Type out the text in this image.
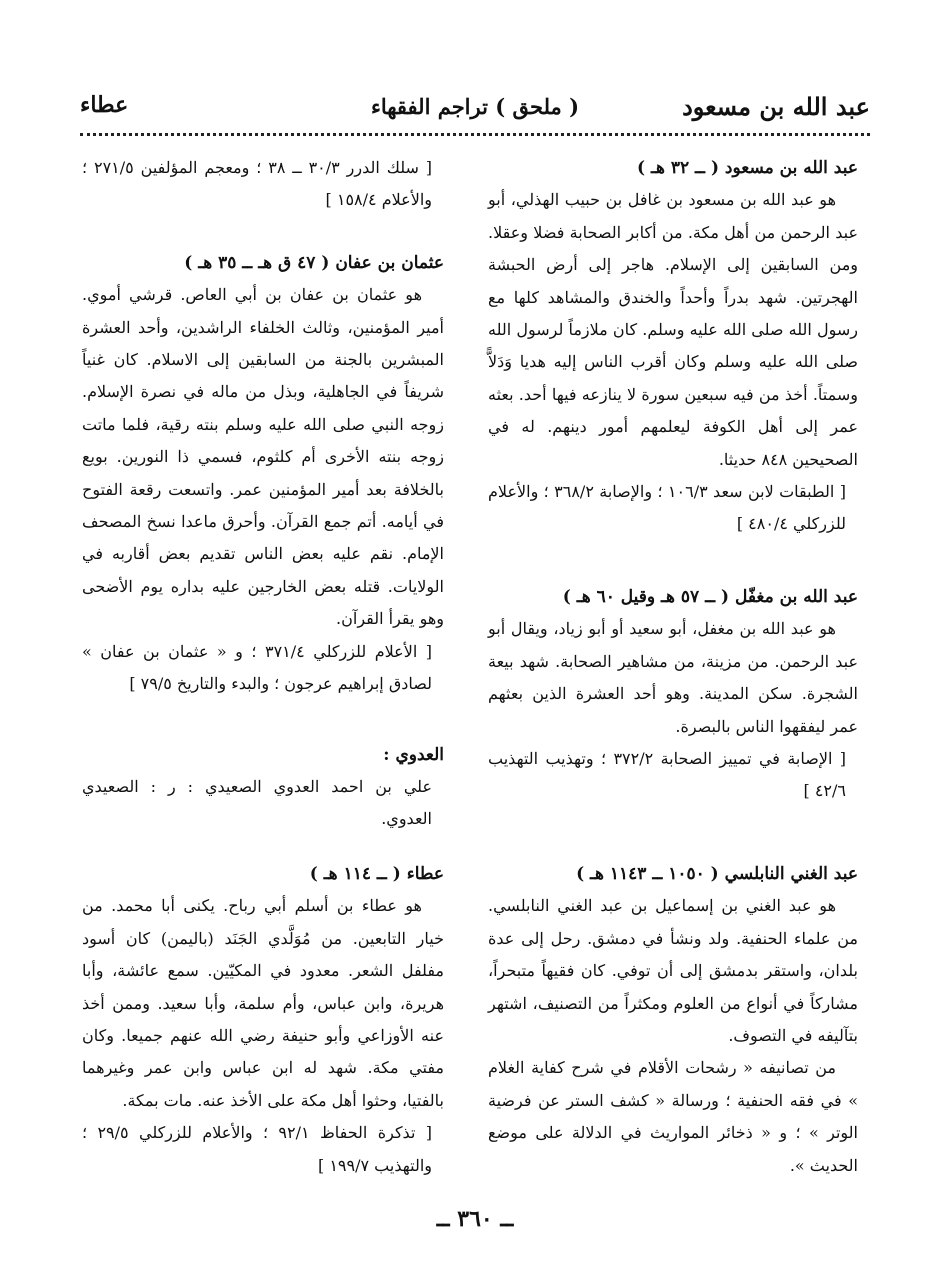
عبد الله بن مسعود
( ملحق ) تراجم الفقهاء
عطاء

عبد الله بن مسعود ( ــ ٣٢ هـ )

هو عبد الله بن مسعود بن غافل بن حبيب الهذلي، أبو عبد الرحمن من أهل مكة. من أكابر الصحابة فضلا وعقلا. ومن السابقين إلى الإسلام. هاجر إلى أرض الحبشة الهجرتين. شهد بدراً وأحداً والخندق والمشاهد كلها مع رسول الله صلى الله عليه وسلم. كان ملازماً لرسول الله صلى الله عليه وسلم وكان أقرب الناس إليه هديا وَدَلاًّ وسمتاً. أخذ من فيه سبعين سورة لا ينازعه فيها أحد. بعثه عمر إلى أهل الكوفة ليعلمهم أمور دينهم. له في الصحيحين ٨٤٨ حديثا.

[ الطبقات لابن سعد ١٠٦/٣ ؛ والإصابة ٣٦٨/٢ ؛ والأعلام للزركلي ٤٨٠/٤ ]

عبد الله بن مغفّل ( ــ ٥٧ هـ وقيل ٦٠ هـ )

هو عبد الله بن مغفل، أبو سعيد أو أبو زياد، ويقال أبو عبد الرحمن. من مزينة، من مشاهير الصحابة. شهد بيعة الشجرة. سكن المدينة. وهو أحد العشرة الذين بعثهم عمر ليفقهوا الناس بالبصرة.

[ الإصابة في تمييز الصحابة ٣٧٢/٢ ؛ وتهذيب التهذيب ٤٢/٦ ]

عبد الغني النابلسي ( ١٠٥٠ ــ ١١٤٣ هـ )

هو عبد الغني بن إسماعيل بن عبد الغني النابلسي. من علماء الحنفية. ولد ونشأ في دمشق. رحل إلى عدة بلدان، واستقر بدمشق إلى أن توفي. كان فقيهاً متبحراً، مشاركاً في أنواع من العلوم ومكثراً من التصنيف، اشتهر بتآليفه في التصوف.

من تصانيفه « رشحات الأقلام في شرح كفاية الغلام » في فقه الحنفية ؛ ورسالة « كشف الستر عن فرضية الوتر » ؛ و « ذخائر المواريث في الدلالة على موضع الحديث ».

[ سلك الدرر ٣٠/٣ ــ ٣٨ ؛ ومعجم المؤلفين ٢٧١/٥ ؛ والأعلام ١٥٨/٤ ]

عثمان بن عفان ( ٤٧ ق هـ ــ ٣٥ هـ )

هو عثمان بن عفان بن أبي العاص. قرشي أموي. أمير المؤمنين، وثالث الخلفاء الراشدين، وأحد العشرة المبشرين بالجنة من السابقين إلى الاسلام. كان غنياً شريفاً في الجاهلية، وبذل من ماله في نصرة الإسلام. زوجه النبي صلى الله عليه وسلم بنته رقية، فلما ماتت زوجه بنته الأخرى أم كلثوم، فسمي ذا النورين. بويع بالخلافة بعد أمير المؤمنين عمر. واتسعت رقعة الفتوح في أيامه. أتم جمع القرآن. وأحرق ماعدا نسخ المصحف الإمام. نقم عليه بعض الناس تقديم بعض أقاربه في الولايات. قتله بعض الخارجين عليه بداره يوم الأضحى وهو يقرأ القرآن.

[ الأعلام للزركلي ٣٧١/٤ ؛ و « عثمان بن عفان » لصادق إبراهيم عرجون ؛ والبدء والتاريخ ٧٩/٥ ]

العدوي :

علي بن احمد العدوي الصعيدي : ر : الصعيدي العدوي.

عطاء ( ــ ١١٤ هـ )

هو عطاء بن أسلم أبي رباح. يكنى أبا محمد. من خيار التابعين. من مُوَلَّدي الجَنَد (باليمن) كان أسود مفلفل الشعر. معدود في المكيّين. سمع عائشة، وأبا هريرة، وابن عباس، وأم سلمة، وأبا سعيد. وممن أخذ عنه الأوزاعي وأبو حنيفة رضي الله عنهم جميعا. وكان مفتي مكة. شهد له ابن عباس وابن عمر وغيرهما بالفتيا، وحثوا أهل مكة على الأخذ عنه. مات بمكة.

[ تذكرة الحفاظ ٩٢/١ ؛ والأعلام للزركلي ٢٩/٥ ؛ والتهذيب ١٩٩/٧ ]

ــ ٣٦٠ ــ
